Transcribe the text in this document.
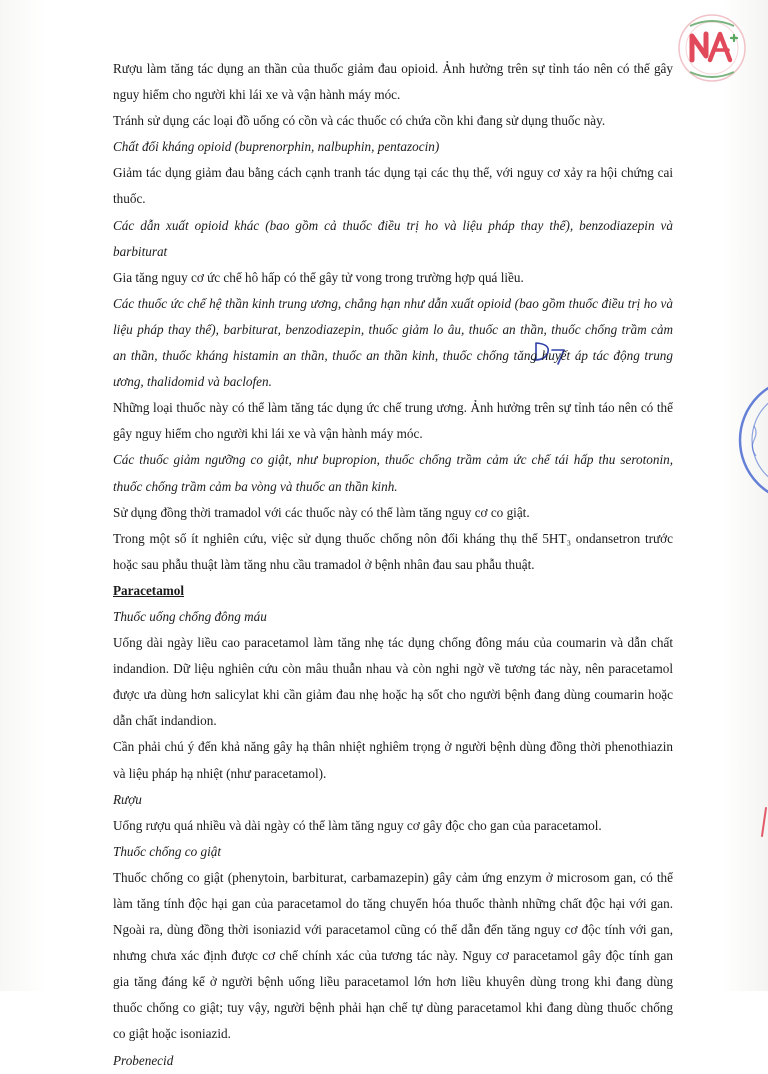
Rượu làm tăng tác dụng an thần của thuốc giảm đau opioid. Ảnh hưởng trên sự tỉnh táo nên có thể gây
nguy hiểm cho người khi lái xe và vận hành máy móc.
Tránh sử dụng các loại đồ uống có cồn và các thuốc có chứa cồn khi đang sử dụng thuốc này.
Chất đối kháng opioid (buprenorphin, nalbuphin, pentazocin)
Giảm tác dụng giảm đau bằng cách cạnh tranh tác dụng tại các thụ thể, với nguy cơ xảy ra hội chứng cai
thuốc.
Các dẫn xuất opioid khác (bao gồm cả thuốc điều trị ho và liệu pháp thay thế), benzodiazepin và
barbiturat
Gia tăng nguy cơ ức chế hô hấp có thể gây tử vong trong trường hợp quá liều.
Các thuốc ức chế hệ thần kinh trung ương, chẳng hạn như dẫn xuất opioid (bao gồm thuốc điều trị ho và
liệu pháp thay thế), barbiturat, benzodiazepin, thuốc giảm lo âu, thuốc an thần, thuốc chống trầm cảm
an thần, thuốc kháng histamin an thần, thuốc an thần kinh, thuốc chống tăng huyết áp tác động trung
ương, thalidomid và baclofen.
Những loại thuốc này có thể làm tăng tác dụng ức chế trung ương. Ảnh hưởng trên sự tỉnh táo nên có thể
gây nguy hiểm cho người khi lái xe và vận hành máy móc.
Các thuốc giảm ngưỡng co giật, như bupropion, thuốc chống trầm cảm ức chế tái hấp thu serotonin,
thuốc chống trầm cảm ba vòng và thuốc an thần kinh.
Sử dụng đồng thời tramadol với các thuốc này có thể làm tăng nguy cơ co giật.
Trong một số ít nghiên cứu, việc sử dụng thuốc chống nôn đối kháng thụ thể 5HT₃ ondansetron trước
hoặc sau phẫu thuật làm tăng nhu cầu tramadol ở bệnh nhân đau sau phẫu thuật.
Paracetamol
Thuốc uống chống đông máu
Uống dài ngày liều cao paracetamol làm tăng nhẹ tác dụng chống đông máu của coumarin và dẫn chất
indandion. Dữ liệu nghiên cứu còn mâu thuẫn nhau và còn nghi ngờ về tương tác này, nên paracetamol
được ưa dùng hơn salicylat khi cần giảm đau nhẹ hoặc hạ sốt cho người bệnh đang dùng coumarin hoặc
dẫn chất indandion.
Cần phải chú ý đến khả năng gây hạ thân nhiệt nghiêm trọng ở người bệnh dùng đồng thời phenothiazin
và liệu pháp hạ nhiệt (như paracetamol).
Rượu
Uống rượu quá nhiều và dài ngày có thể làm tăng nguy cơ gây độc cho gan của paracetamol.
Thuốc chống co giật
Thuốc chống co giật (phenytoin, barbiturat, carbamazepin) gây cảm ứng enzym ở microsom gan, có thể
làm tăng tính độc hại gan của paracetamol do tăng chuyển hóa thuốc thành những chất độc hại với gan.
Ngoài ra, dùng đồng thời isoniazid với paracetamol cũng có thể dẫn đến tăng nguy cơ độc tính với gan,
nhưng chưa xác định được cơ chế chính xác của tương tác này. Nguy cơ paracetamol gây độc tính gan
gia tăng đáng kể ở người bệnh uống liều paracetamol lớn hơn liều khuyên dùng trong khi đang dùng
thuốc chống co giật; tuy vậy, người bệnh phải hạn chế tự dùng paracetamol khi đang dùng thuốc chống
co giật hoặc isoniazid.
Probenecid
